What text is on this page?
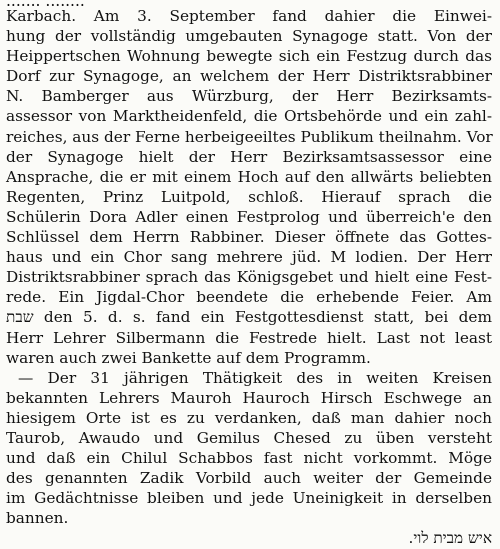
....... ........
Karbach. Am 3. September fand dahier die Einwei-
hung der vollständig umgebauten Synagoge statt. Von der
Heippertschen Wohnung bewegte sich ein Festzug durch das
Dorf zur Synagoge, an welchem der Herr Distriktsrabbiner
N. Bamberger aus Würzburg, der Herr Bezirksamts-
assessor von Marktheidenfeld, die Ortsbehörde und ein zahl-
reiches, aus der Ferne herbeigeeiltes Publikum theilnahm. Vor
der Synagoge hielt der Herr Bezirksamtsassessor eine
Ansprache, die er mit einem Hoch auf den allwärts beliebten
Regenten, Prinz Luitpold, schloß. Hierauf sprach die
Schülerin Dora Adler einen Festprolog und überreich'e den
Schlüssel dem Herrn Rabbiner. Dieser öffnete das Gottes-
haus und ein Chor sang mehrere jüd. M lodien. Der Herr
Distriktsrabbiner sprach das Königsgebet und hielt eine Fest-
rede. Ein Jigdal-Chor beendete die erhebende Feier. Am
שבת den 5. d. s. fand ein Festgottesdienst statt, bei dem
Herr Lehrer Silbermann die Festrede hielt. Last not least
waren auch zwei Bankette auf dem Programm.
— Der 31 jährigen Thätigkeit des in weiten Kreisen
bekannten Lehrers Mauroh Hauroch Hirsch Eschwege an
hiesigem Orte ist es zu verdanken, daß man dahier noch
Taurob, Awaudo und Gemilus Chesed zu üben versteht
und daß ein Chilul Schabbos fast nicht vorkommt. Möge
des genannten Zadik Vorbild auch weiter der Gemeinde
im Gedächtnisse bleiben und jede Uneinigkeit in derselben
bannen.
איש מבית לוי.
